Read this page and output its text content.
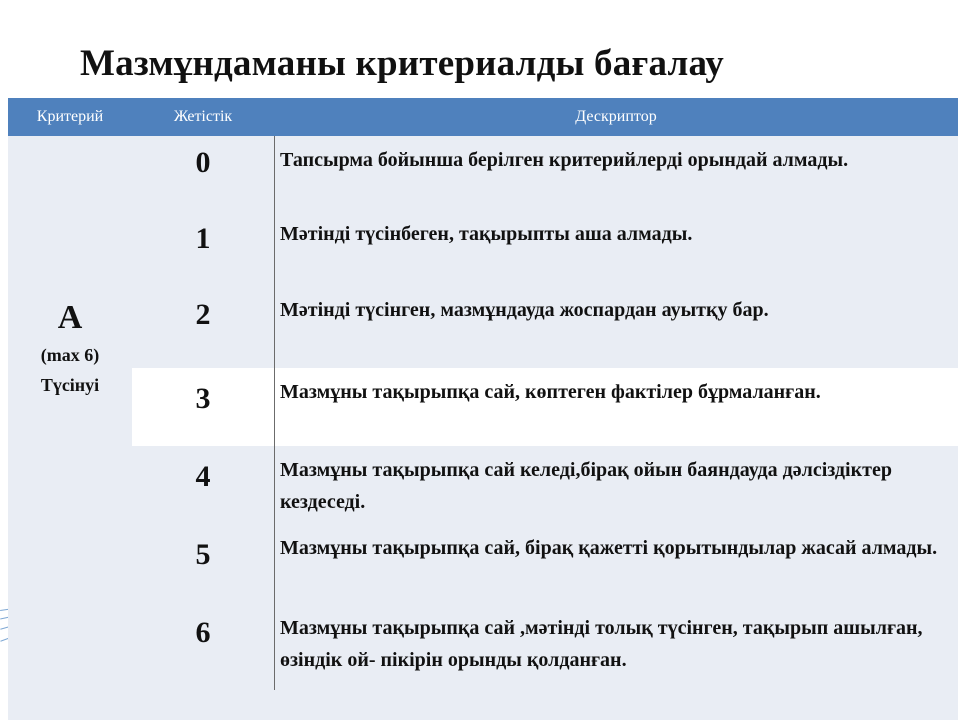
Мазмұндаманы критериалды бағалау
Критерий	Жетістік	Дескриптор
A
(max 6)
Түсінуі
0	Тапсырма бойынша берілген критерийлерді орындай алмады.
1	Мәтінді түсінбеген, тақырыпты аша алмады.
2	Мәтінді түсінген, мазмұндауда жоспардан ауытқу бар.
3	Мазмұны тақырыпқа сай, көптеген фактілер бұрмаланған.
4	Мазмұны тақырыпқа сай келеді,бірақ ойын баяндауда дәлсіздіктер кездеседі.
5	Мазмұны тақырыпқа сай, бірақ қажетті қорытындылар жасай алмады.
6	Мазмұны тақырыпқа сай ,мәтінді толық түсінген, тақырып ашылған, өзіндік ой- пікірін орынды қолданған.
